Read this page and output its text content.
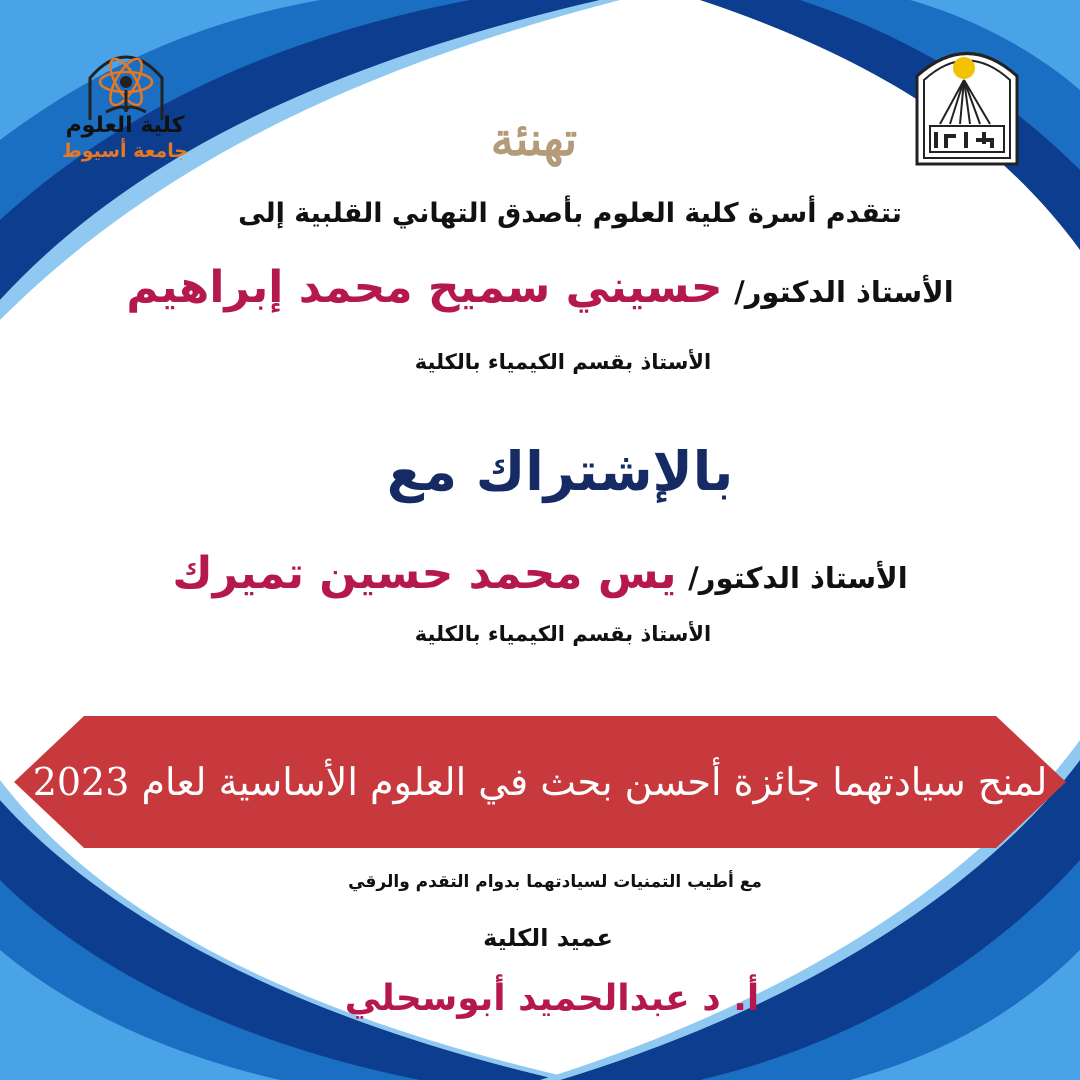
كلية العلوم
جامعة أسيوط	تهنئة
تتقدم أسرة كلية العلوم بأصدق التهاني القلبية إلى
الأستاذ الدكتور/ حسيني سميح محمد إبراهيم
الأستاذ بقسم الكيمياء بالكلية
بالإشتراك مع
الأستاذ الدكتور/ يس محمد حسين تميرك
الأستاذ بقسم الكيمياء بالكلية
لمنح سيادتهما جائزة أحسن بحث في العلوم الأساسية لعام 2023
مع أطيب التمنيات لسيادتهما بدوام التقدم والرقي
عميد الكلية
أ. د عبدالحميد أبوسحلي
